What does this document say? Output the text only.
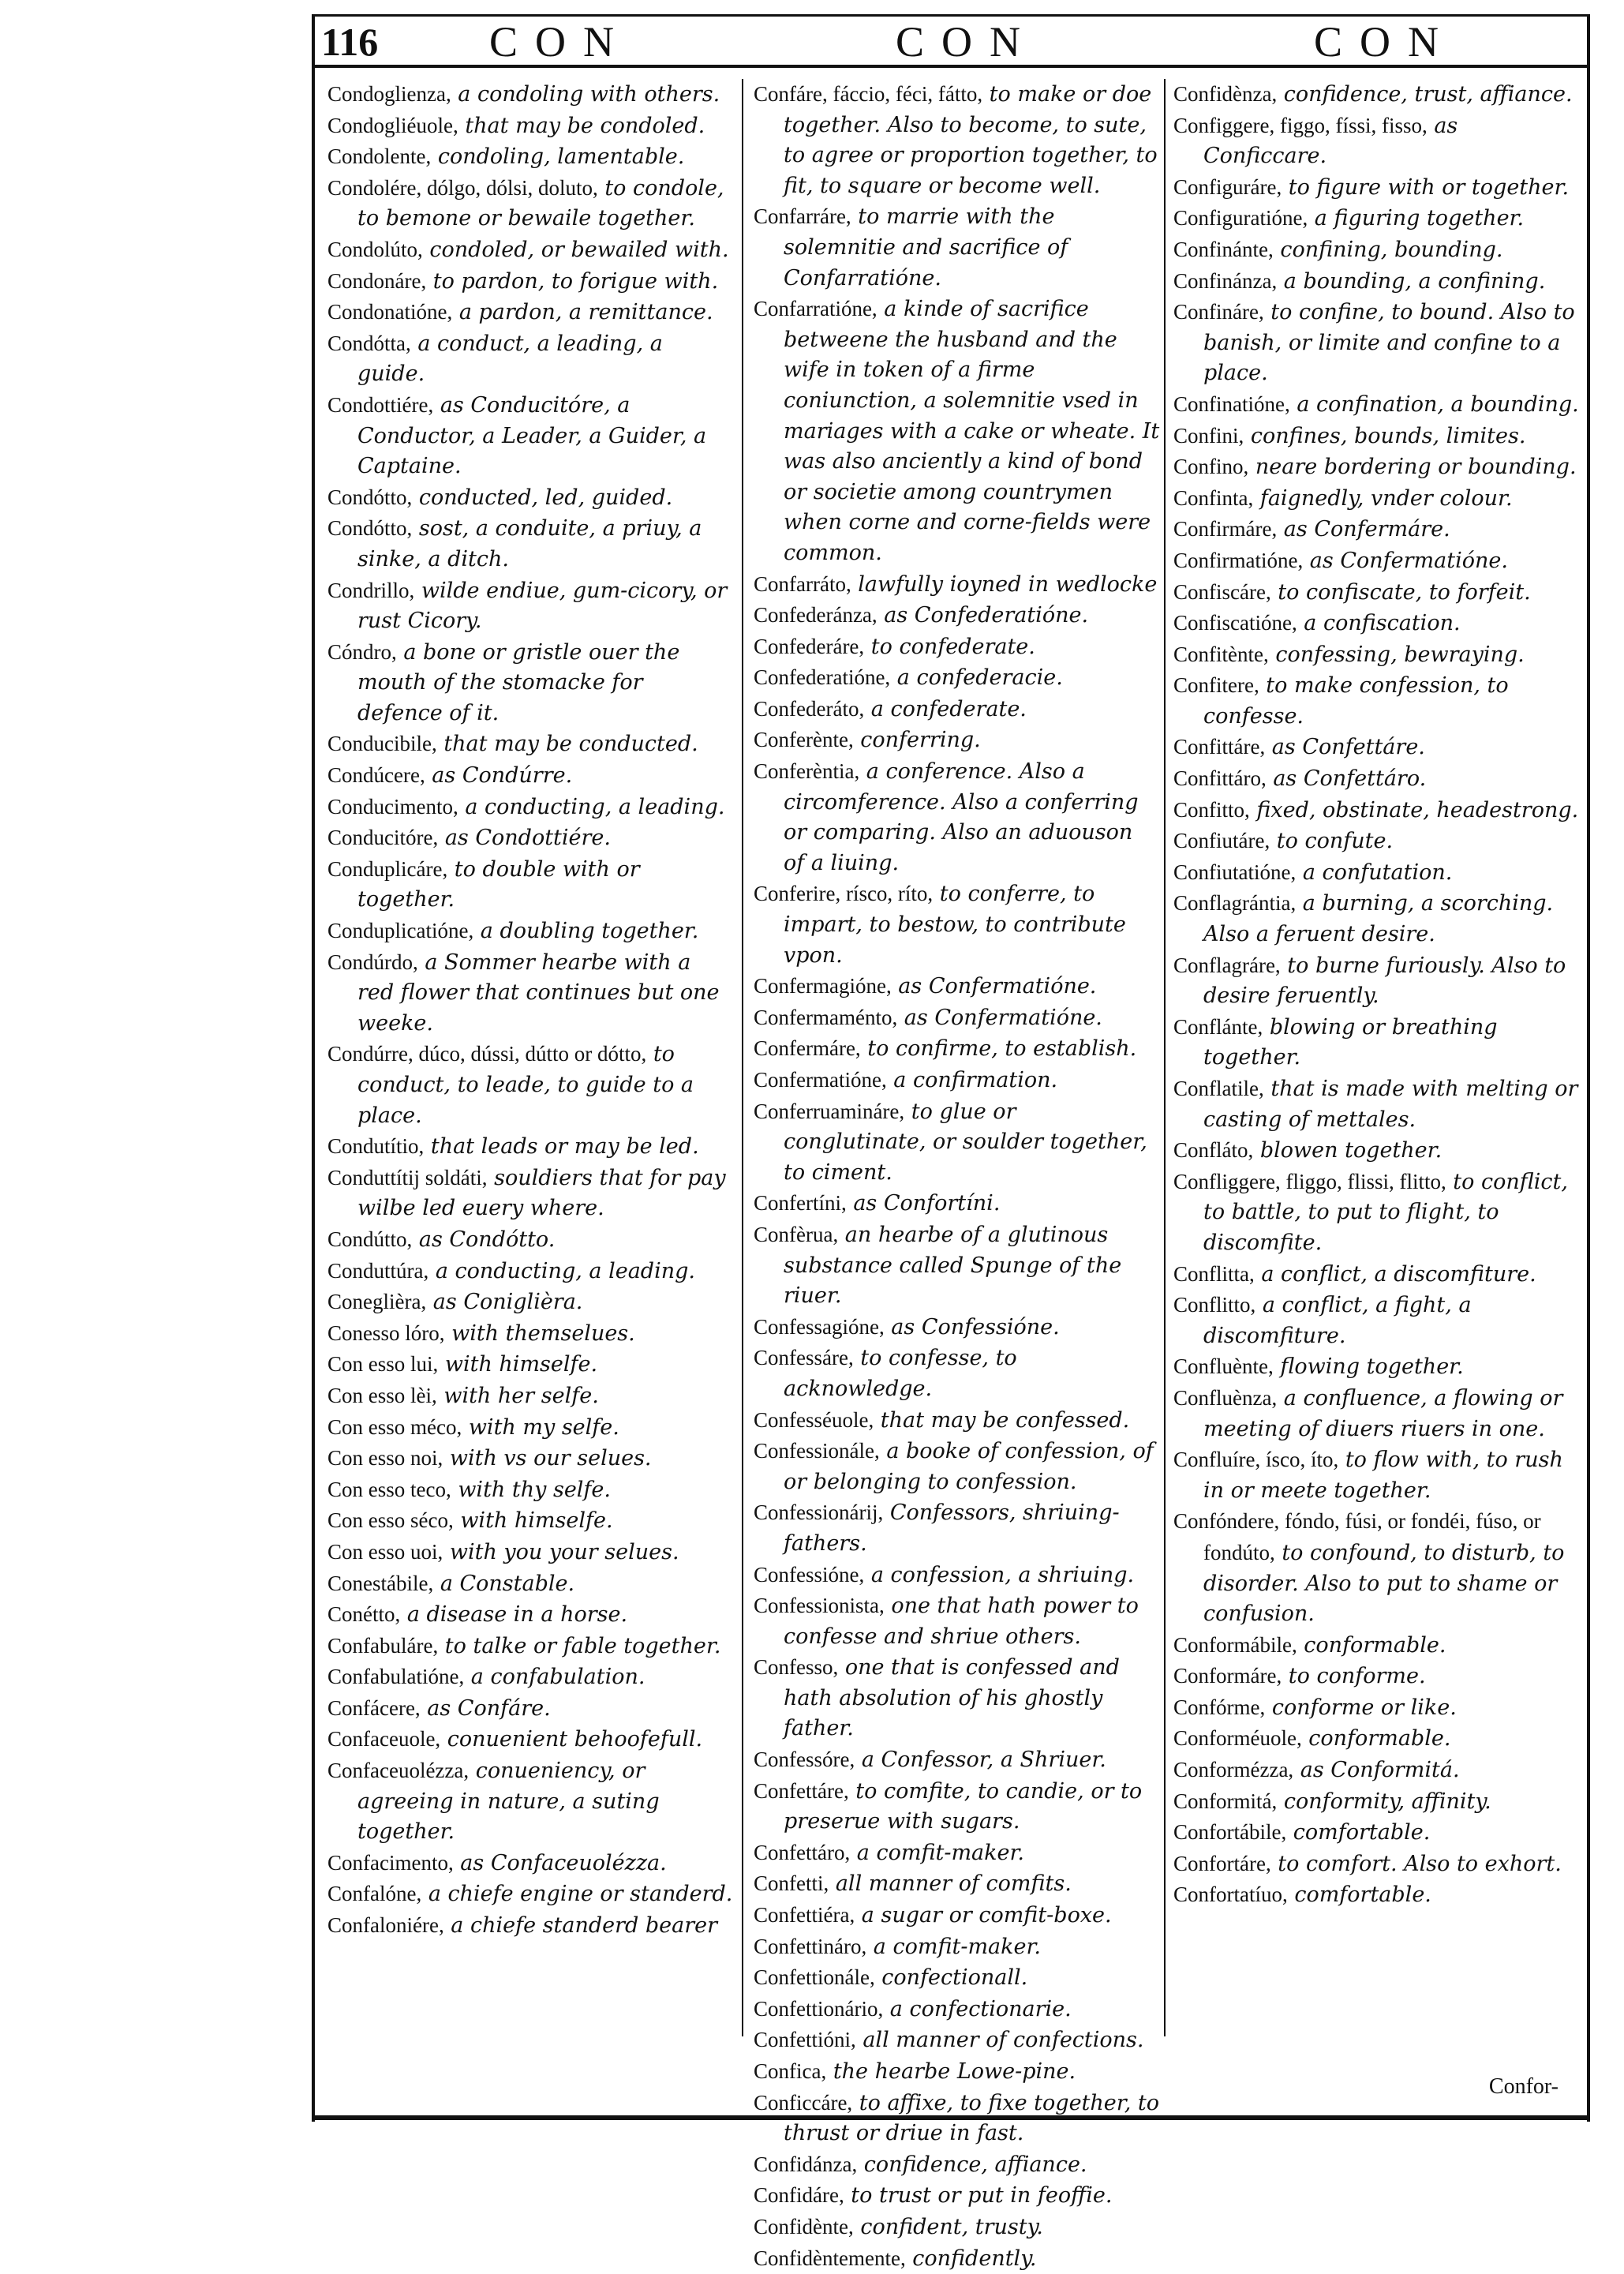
116	CON	CON	CON
Condoglienza, a condoling with others.
Condogliéuole, that may be condoled.
Condolente, condoling, lamentable.
Condolére, dólgo, dólsi, doluto, to condole, to bemone or bewaile together.
Condolúto, condoled, or bewailed with.
Condonáre, to pardon, to forigue with.
Condonatióne, a pardon, a remittance.
Condótta, a conduct, a leading, a guide.
Condottiére, as Conducitóre, a Conductor, a Leader, a Guider, a Captaine.
Condótto, conducted, led, guided.
Condótto, sost, a conduite, a priuy, a sinke, a ditch.
Condrillo, wilde endiue, gum-cicory, or rust Cicory.
Cóndro, a bone or gristle ouer the mouth of the stomacke for defence of it.
Conducibile, that may be conducted.
Condúcere, as Condúrre.
Conducimento, a conducting, a leading.
Conducitóre, as Condottiére.
Conduplicáre, to double with or together.
Conduplicatióne, a doubling together.
Condúrdo, a Sommer hearbe with a red flower that continues but one weeke.
Condúrre, dúco, dússi, dútto or dótto, to conduct, to leade, to guide to a place.
Condutítio, that leads or may be led.
Conduttítij soldáti, souldiers that for pay wilbe led euery where.
Condútto, as Condótto.
Conduttúra, a conducting, a leading.
Coneglièra, as Coniglièra.
Conesso lóro, with themselues.
Con esso lui, with himselfe.
Con esso lèi, with her selfe.
Con esso méco, with my selfe.
Con esso noi, with vs our selues.
Con esso teco, with thy selfe.
Con esso séco, with himselfe.
Con esso uoi, with you your selues.
Conestábile, a Constable.
Conétto, a disease in a horse.
Confabuláre, to talke or fable together.
Confabulatióne, a confabulation.
Confácere, as Confáre.
Confaceuole, conuenient behoofefull.
Confaceuolézza, conueniency, or agreeing in nature, a suting together.
Confacimento, as Confaceuolézza.
Confalóne, a chiefe engine or standerd.
Confaloniére, a chiefe standerd bearer
Confáre, fáccio, féci, fátto, to make or doe together. Also to become, to sute, to agree or proportion together, to fit, to square or become well.
Confarráre, to marrie with the solemnitie and sacrifice of Confarratióne.
Confarratióne, a kinde of sacrifice betweene the husband and the wife in token of a firme coniunction, a solemnitie vsed in mariages with a cake or wheate. It was also anciently a kind of bond or societie among countrymen when corne and corne-fields were common.
Confarráto, lawfully ioyned in wedlocke
Confederánza, as Confederatióne.
Confederáre, to confederate.
Confederatióne, a confederacie.
Confederáto, a confederate.
Conferènte, conferring.
Conferèntia, a conference. Also a circomference. Also a conferring or comparing. Also an aduouson of a liuing.
Conferire, rísco, ríto, to conferre, to impart, to bestow, to contribute vpon.
Confermagióne, as Confermatióne.
Confermaménto, as Confermatióne.
Confermáre, to confirme, to establish.
Confermatióne, a confirmation.
Conferruamináre, to glue or conglutinate, or soulder together, to ciment.
Confertíni, as Confortíni.
Confèrua, an hearbe of a glutinous substance called Spunge of the riuer.
Confessagióne, as Confessióne.
Confessáre, to confesse, to acknowledge.
Confesséuole, that may be confessed.
Confessionále, a booke of confession, of or belonging to confession.
Confessionárij, Confessors, shriuing-fathers.
Confessióne, a confession, a shriuing.
Confessionista, one that hath power to confesse and shriue others.
Confesso, one that is confessed and hath absolution of his ghostly father.
Confessóre, a Confessor, a Shriuer.
Confettáre, to comfite, to candie, or to preserue with sugars.
Confettáro, a comfit-maker.
Confetti, all manner of comfits.
Confettiéra, a sugar or comfit-boxe.
Confettináro, a comfit-maker.
Confettionále, confectionall.
Confettionário, a confectionarie.
Confettióni, all manner of confections.
Confica, the hearbe Lowe-pine.
Conficcáre, to affixe, to fixe together, to thrust or driue in fast.
Confidánza, confidence, affiance.
Confidáre, to trust or put in feoffie.
Confidènte, confident, trusty.
Confidèntemente, confidently.
Confidènza, confidence, trust, affiance.
Configgere, figgo, físsi, fisso, as Conficcare.
Configuráre, to figure with or together.
Configuratióne, a figuring together.
Confinánte, confining, bounding.
Confinánza, a bounding, a confining.
Confináre, to confine, to bound. Also to banish, or limite and confine to a place.
Confinatióne, a confination, a bounding.
Confini, confines, bounds, limites.
Confino, neare bordering or bounding.
Confinta, faignedly, vnder colour.
Confirmáre, as Confermáre.
Confirmatióne, as Confermatióne.
Confiscáre, to confiscate, to forfeit.
Confiscatióne, a confiscation.
Confitènte, confessing, bewraying.
Confitere, to make confession, to confesse.
Confittáre, as Confettáre.
Confittáro, as Confettáro.
Confitto, fixed, obstinate, headestrong.
Confiutáre, to confute.
Confiutatióne, a confutation.
Conflagrántia, a burning, a scorching. Also a feruent desire.
Conflagráre, to burne furiously. Also to desire feruently.
Conflánte, blowing or breathing together.
Conflatile, that is made with melting or casting of mettales.
Confláto, blowen together.
Confliggere, fliggo, flissi, flitto, to conflict, to battle, to put to flight, to discomfite.
Conflitta, a conflict, a discomfiture.
Conflitto, a conflict, a fight, a discomfiture.
Confluènte, flowing together.
Confluènza, a confluence, a flowing or meeting of diuers riuers in one.
Confluíre, ísco, íto, to flow with, to rush in or meete together.
Confóndere, fóndo, fúsi, or fondéi, fúso, or fondúto, to confound, to disturb, to disorder. Also to put to shame or confusion.
Conformábile, conformable.
Conformáre, to conforme.
Confórme, conforme or like.
Conforméuole, conformable.
Conformézza, as Conformitá.
Conformitá, conformity, affinity.
Confortábile, comfortable.
Confortáre, to comfort. Also to exhort.
Confortatíuo, comfortable.
Confor-
